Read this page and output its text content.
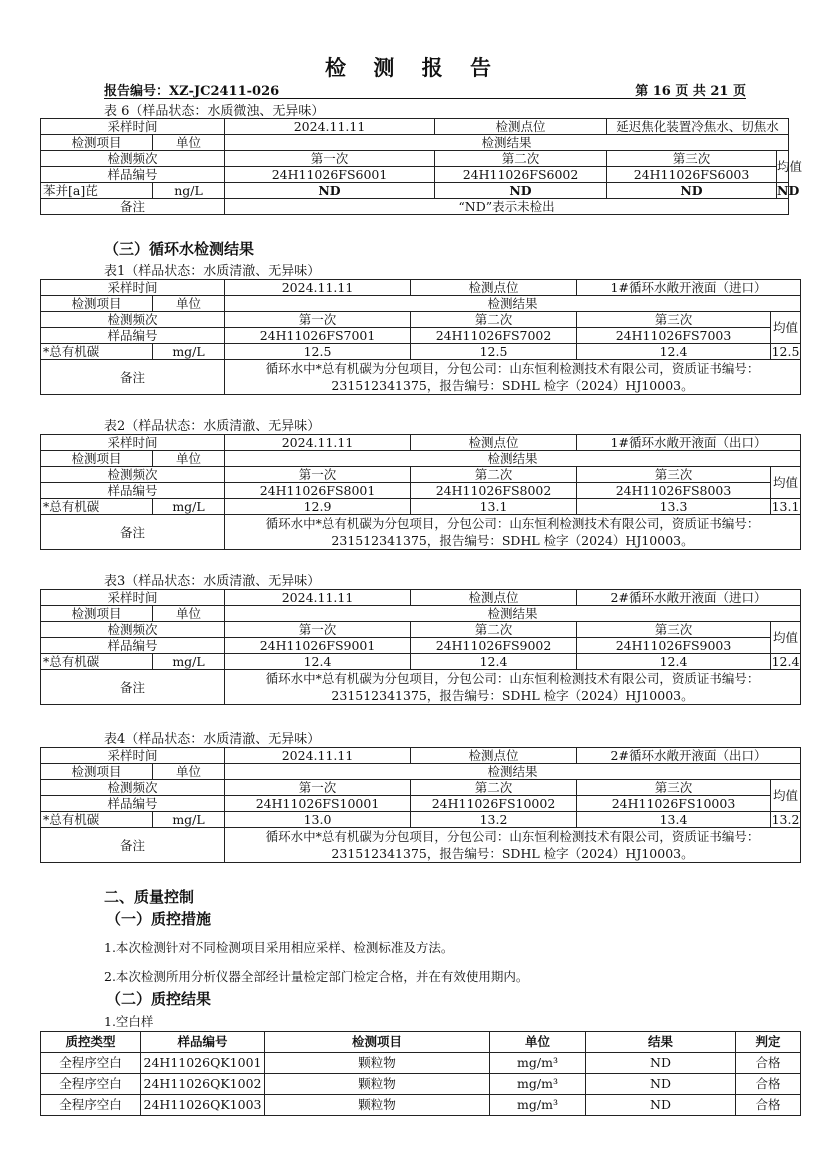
检 测 报 告
报告编号：XZ-JC2411-026	第 16 页 共 21 页
表 6（样品状态：水质微浊、无异味）
采样时间		2024.11.11	检测点位	延迟焦化装置冷焦水、切焦水	
检测项目	单位	检测结果			
检测频次		第一次	第二次	第三次	均值
样品编号		24H11026FS6001	24H11026FS6002	24H11026FS6003	
苯并[a]芘	ng/L	ND	ND	ND	ND
备注		“ND”表示未检出			
（三）循环水检测结果
表1（样品状态：水质清澈、无异味）
采样时间		2024.11.11	检测点位	1#循环水敞开液面（进口）	
检测项目	单位	检测结果			
检测频次		第一次	第二次	第三次	均值
样品编号		24H11026FS7001	24H11026FS7002	24H11026FS7003	
*总有机碳	mg/L	12.5	12.5	12.4	12.5
备注		循环水中*总有机碳为分包项目，分包公司：山东恒利检测技术有限公司，资质证书编号：231512341375，报告编号：SDHL 检字（2024）HJ10003。			
表2（样品状态：水质清澈、无异味）
采样时间		2024.11.11	检测点位	1#循环水敞开液面（出口）	
检测项目	单位	检测结果			
检测频次		第一次	第二次	第三次	均值
样品编号		24H11026FS8001	24H11026FS8002	24H11026FS8003	
*总有机碳	mg/L	12.9	13.1	13.3	13.1
备注		循环水中*总有机碳为分包项目，分包公司：山东恒利检测技术有限公司，资质证书编号：231512341375，报告编号：SDHL 检字（2024）HJ10003。			
表3（样品状态：水质清澈、无异味）
采样时间		2024.11.11	检测点位	2#循环水敞开液面（进口）	
检测项目	单位	检测结果			
检测频次		第一次	第二次	第三次	均值
样品编号		24H11026FS9001	24H11026FS9002	24H11026FS9003	
*总有机碳	mg/L	12.4	12.4	12.4	12.4
备注		循环水中*总有机碳为分包项目，分包公司：山东恒利检测技术有限公司，资质证书编号：231512341375，报告编号：SDHL 检字（2024）HJ10003。			
表4（样品状态：水质清澈、无异味）
采样时间		2024.11.11	检测点位	2#循环水敞开液面（出口）	
检测项目	单位	检测结果			
检测频次		第一次	第二次	第三次	均值
样品编号		24H11026FS10001	24H11026FS10002	24H11026FS10003	
*总有机碳	mg/L	13.0	13.2	13.4	13.2
备注		循环水中*总有机碳为分包项目，分包公司：山东恒利检测技术有限公司，资质证书编号：231512341375，报告编号：SDHL 检字（2024）HJ10003。			
二、质量控制
（一）质控措施
1.本次检测针对不同检测项目采用相应采样、检测标准及方法。
2.本次检测所用分析仪器全部经计量检定部门检定合格，并在有效使用期内。
（二）质控结果
1.空白样
质控类型	样品编号	检测项目	单位	结果	判定
全程序空白	24H11026QK1001	颗粒物	mg/m³	ND	合格
全程序空白	24H11026QK1002	颗粒物	mg/m³	ND	合格
全程序空白	24H11026QK1003	颗粒物	mg/m³	ND	合格
